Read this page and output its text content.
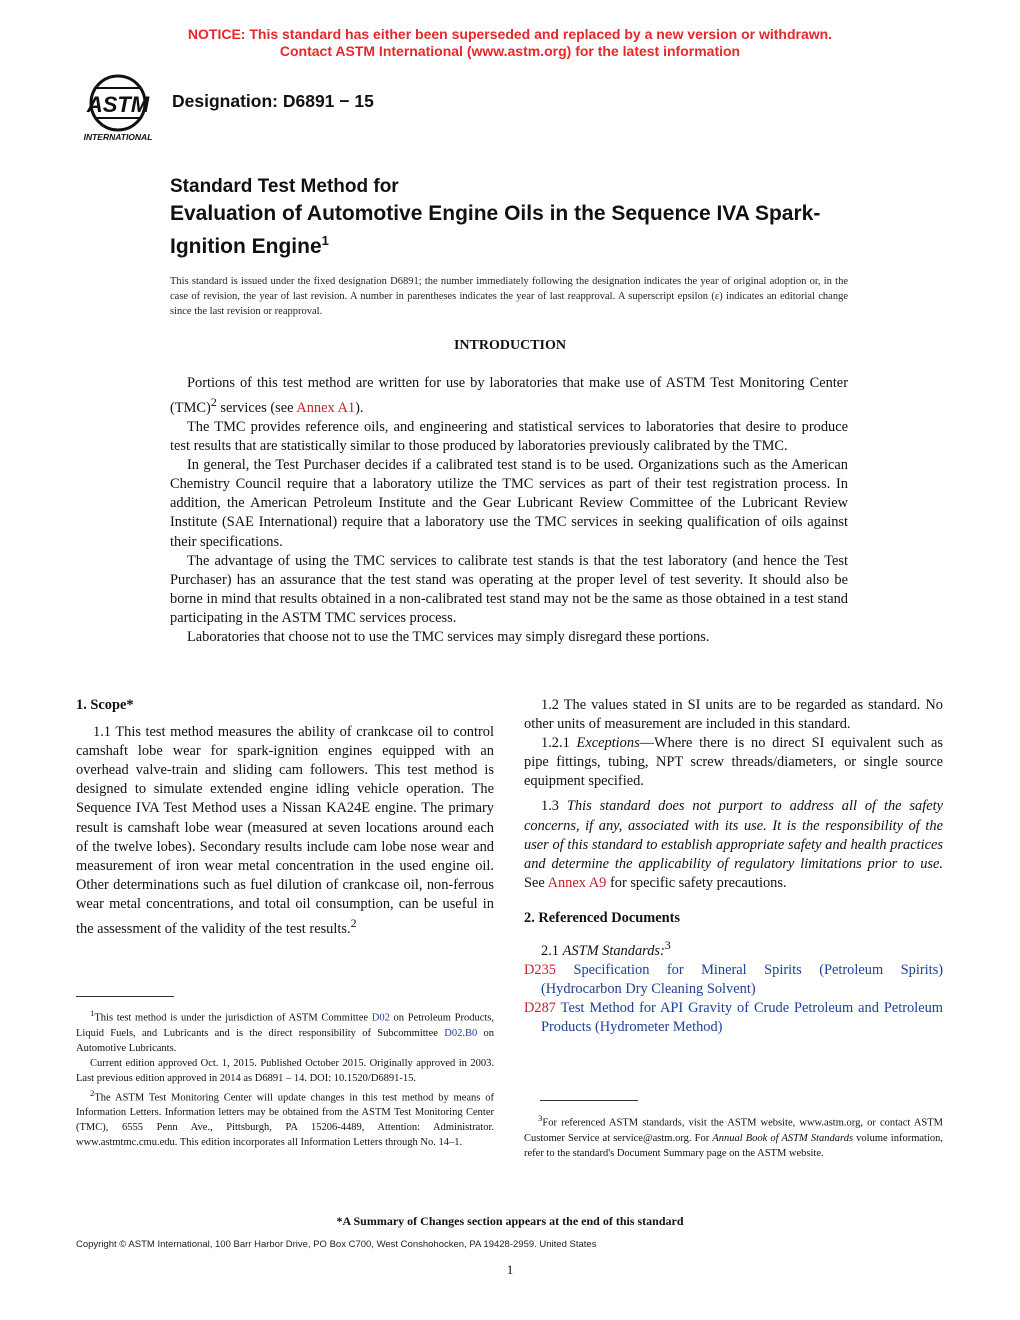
NOTICE: This standard has either been superseded and replaced by a new version or withdrawn.
Contact ASTM International (www.astm.org) for the latest information
ASTM
INTERNATIONAL
Designation: D6891 − 15
Standard Test Method for
Evaluation of Automotive Engine Oils in the Sequence IVA Spark-Ignition Engine$^1$
This standard is issued under the fixed designation D6891; the number immediately following the designation indicates the year of original adoption or, in the case of revision, the year of last revision. A number in parentheses indicates the year of last reapproval. A superscript epsilon (ε) indicates an editorial change since the last revision or reapproval.
INTRODUCTION

Portions of this test method are written for use by laboratories that make use of ASTM Test Monitoring Center (TMC)$^2$ services (see Annex A1).

The TMC provides reference oils, and engineering and statistical services to laboratories that desire to produce test results that are statistically similar to those produced by laboratories previously calibrated by the TMC.

In general, the Test Purchaser decides if a calibrated test stand is to be used. Organizations such as the American Chemistry Council require that a laboratory utilize the TMC services as part of their test registration process. In addition, the American Petroleum Institute and the Gear Lubricant Review Committee of the Lubricant Review Institute (SAE International) require that a laboratory use the TMC services in seeking qualification of oils against their specifications.

The advantage of using the TMC services to calibrate test stands is that the test laboratory (and hence the Test Purchaser) has an assurance that the test stand was operating at the proper level of test severity. It should also be borne in mind that results obtained in a non-calibrated test stand may not be the same as those obtained in a test stand participating in the ASTM TMC services process.

Laboratories that choose not to use the TMC services may simply disregard these portions.

1. Scope*

1.1 This test method measures the ability of crankcase oil to control camshaft lobe wear for spark-ignition engines equipped with an overhead valve-train and sliding cam followers. This test method is designed to simulate extended engine idling vehicle operation. The Sequence IVA Test Method uses a Nissan KA24E engine. The primary result is camshaft lobe wear (measured at seven locations around each of the twelve lobes). Secondary results include cam lobe nose wear and measurement of iron wear metal concentration in the used engine oil. Other determinations such as fuel dilution of crankcase oil, non-ferrous wear metal concentrations, and total oil consumption, can be useful in the assessment of the validity of the test results.$^2$

$^1$This test method is under the jurisdiction of ASTM Committee D02 on Petroleum Products, Liquid Fuels, and Lubricants and is the direct responsibility of Subcommittee D02.B0 on Automotive Lubricants.

Current edition approved Oct. 1, 2015. Published October 2015. Originally approved in 2003. Last previous edition approved in 2014 as D6891 – 14. DOI: 10.1520/D6891-15.

$^2$The ASTM Test Monitoring Center will update changes in this test method by means of Information Letters. Information letters may be obtained from the ASTM Test Monitoring Center (TMC), 6555 Penn Ave., Pittsburgh, PA 15206-4489, Attention: Administrator. www.astmtmc.cmu.edu. This edition incorporates all Information Letters through No. 14–1.

1.2 The values stated in SI units are to be regarded as standard. No other units of measurement are included in this standard.

1.2.1 Exceptions—Where there is no direct SI equivalent such as pipe fittings, tubing, NPT screw threads/diameters, or single source equipment specified.

1.3 This standard does not purport to address all of the safety concerns, if any, associated with its use. It is the responsibility of the user of this standard to establish appropriate safety and health practices and determine the applicability of regulatory limitations prior to use. See Annex A9 for specific safety precautions.

2. Referenced Documents

2.1 ASTM Standards:$^3$

D235 Specification for Mineral Spirits (Petroleum Spirits) (Hydrocarbon Dry Cleaning Solvent)

D287 Test Method for API Gravity of Crude Petroleum and Petroleum Products (Hydrometer Method)

$^3$For referenced ASTM standards, visit the ASTM website, www.astm.org, or contact ASTM Customer Service at service@astm.org. For Annual Book of ASTM Standards volume information, refer to the standard's Document Summary page on the ASTM website.

*A Summary of Changes section appears at the end of this standard
Copyright © ASTM International, 100 Barr Harbor Drive, PO Box C700, West Conshohocken, PA 19428-2959. United States
1
